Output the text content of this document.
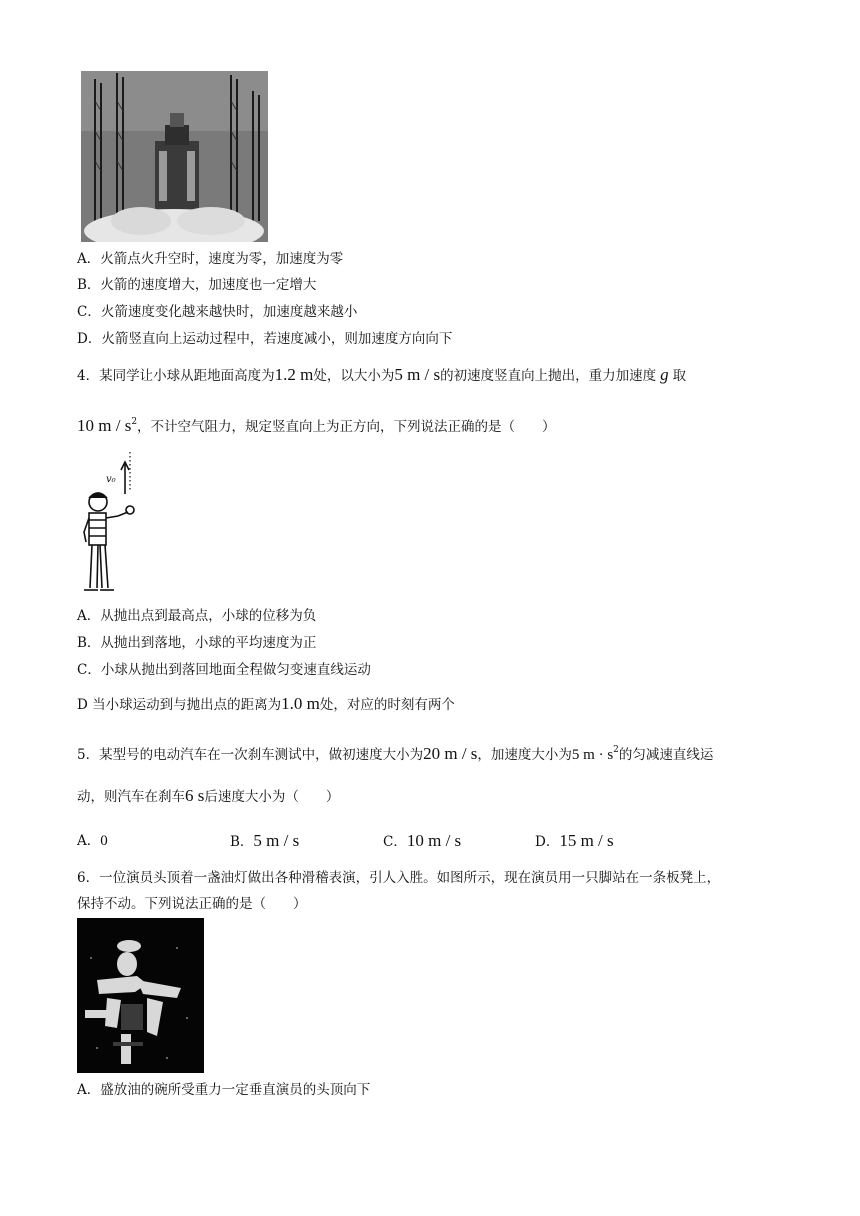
A．火箭点火升空时，速度为零，加速度为零
B．火箭的速度增大，加速度也一定增大
C．火箭速度变化越来越快时，加速度越来越小
D．火箭竖直向上运动过程中，若速度减小，则加速度方向向下
4．某同学让小球从距地面高度为1.2 m处，以大小为5 m / s的初速度竖直向上抛出，重力加速度 g 取
10 m / $s^2$，不计空气阻力，规定竖直向上为正方向，下列说法正确的是（　　）
v₀
A．从抛出点到最高点，小球的位移为负
B．从抛出到落地，小球的平均速度为正
C．小球从抛出到落回地面全程做匀变速直线运动
D 当小球运动到与抛出点的距离为1.0 m处，对应的时刻有两个
5．某型号的电动汽车在一次刹车测试中，做初速度大小为20 m / s，加速度大小为5 $m \cdot s^2$的匀减速直线运
动，则汽车在刹车6 s后速度大小为（　　）
A．0	B．5 m / s	C．10 m / s	D．15 m / s
6．一位演员头顶着一盏油灯做出各种滑稽表演，引人入胜。如图所示，现在演员用一只脚站在一条板凳上，
保持不动。下列说法正确的是（　　）
A．盛放油的碗所受重力一定垂直演员的头顶向下
